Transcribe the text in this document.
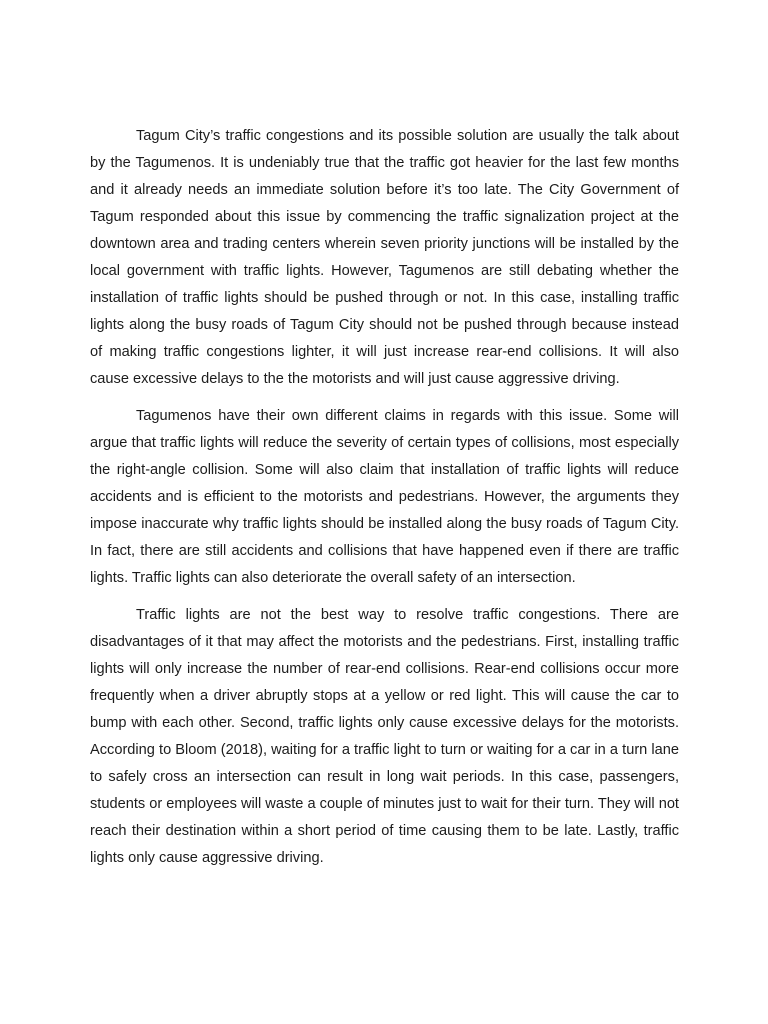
Tagum City’s traffic congestions and its possible solution are usually the talk about by the Tagumenos. It is undeniably true that the traffic got heavier for the last few months and it already needs an immediate solution before it’s too late. The City Government of Tagum responded about this issue by commencing the traffic signalization project at the downtown area and trading centers wherein seven priority junctions will be installed by the local government with traffic lights. However, Tagumenos are still debating whether the installation of traffic lights should be pushed through or not. In this case, installing traffic lights along the busy roads of Tagum City should not be pushed through because instead of making traffic congestions lighter, it will just increase rear-end collisions. It will also cause excessive delays to the the motorists and will just cause aggressive driving.

Tagumenos have their own different claims in regards with this issue. Some will argue that traffic lights will reduce the severity of certain types of collisions, most especially the right-angle collision. Some will also claim that installation of traffic lights will reduce accidents and is efficient to the motorists and pedestrians. However, the arguments they impose inaccurate why traffic lights should be installed along the busy roads of Tagum City. In fact, there are still accidents and collisions that have happened even if there are traffic lights. Traffic lights can also deteriorate the overall safety of an intersection.

Traffic lights are not the best way to resolve traffic congestions. There are disadvantages of it that may affect the motorists and the pedestrians. First, installing traffic lights will only increase the number of rear-end collisions. Rear-end collisions occur more frequently when a driver abruptly stops at a yellow or red light. This will cause the car to bump with each other. Second, traffic lights only cause excessive delays for the motorists. According to Bloom (2018), waiting for a traffic light to turn or waiting for a car in a turn lane to safely cross an intersection can result in long wait periods. In this case, passengers, students or employees will waste a couple of minutes just to wait for their turn. They will not reach their destination within a short period of time causing them to be late. Lastly, traffic lights only cause aggressive driving.
